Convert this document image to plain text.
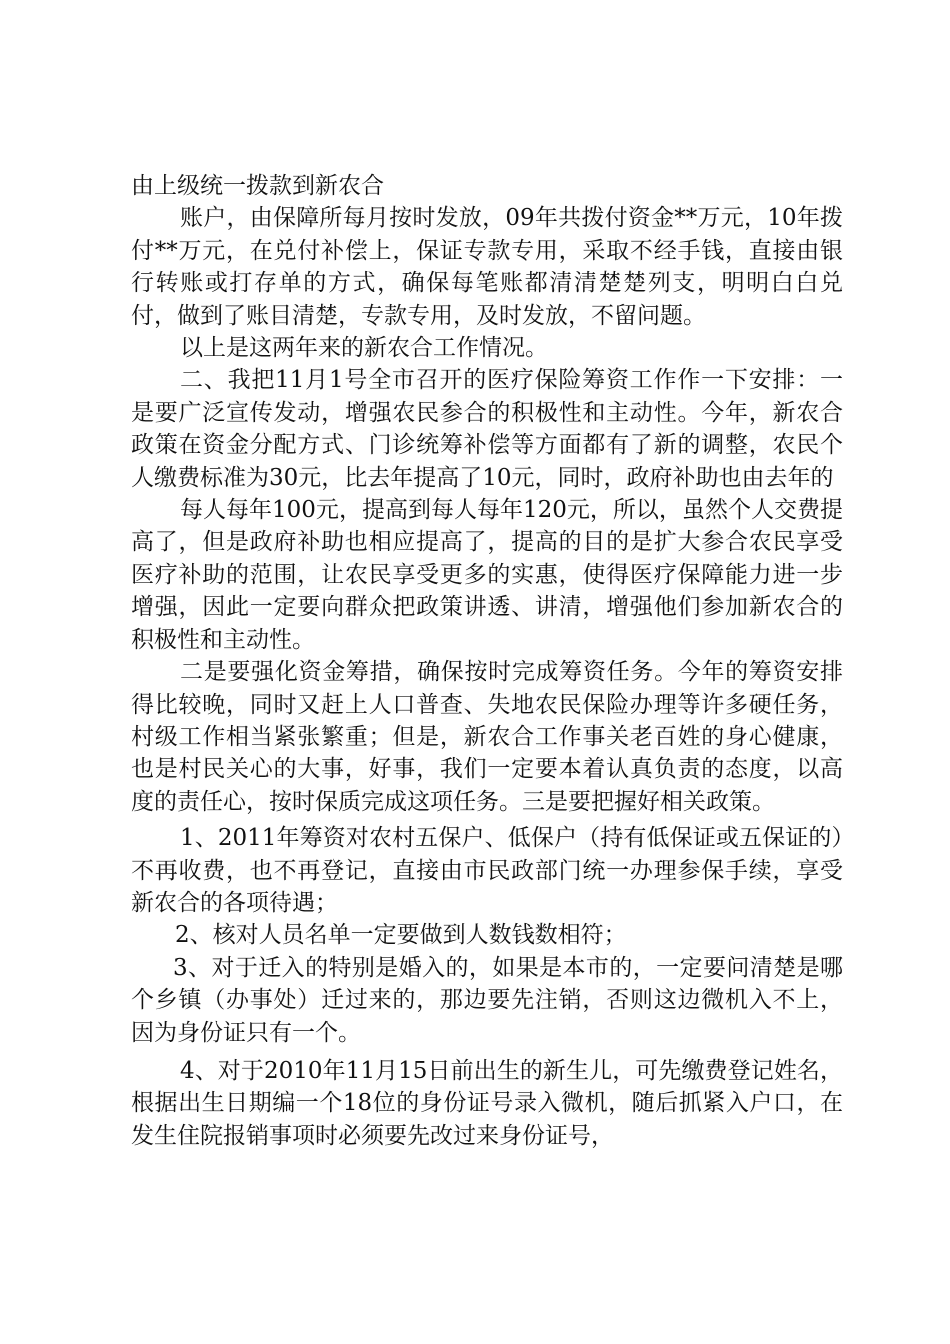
由上级统一拨款到新农合

账户，由保障所每月按时发放，09年共拨付资金**万元，10年拨付**万元，在兑付补偿上，保证专款专用，采取不经手钱，直接由银行转账或打存单的方式，确保每笔账都清清楚楚列支，明明白白兑付，做到了账目清楚，专款专用，及时发放，不留问题。

以上是这两年来的新农合工作情况。

二、我把11月1号全市召开的医疗保险筹资工作作一下安排：一是要广泛宣传发动，增强农民参合的积极性和主动性。今年，新农合政策在资金分配方式、门诊统筹补偿等方面都有了新的调整，农民个人缴费标准为30元，比去年提高了10元，同时，政府补助也由去年的

每人每年100元，提高到每人每年120元，所以，虽然个人交费提高了，但是政府补助也相应提高了，提高的目的是扩大参合农民享受医疗补助的范围，让农民享受更多的实惠，使得医疗保障能力进一步增强，因此一定要向群众把政策讲透、讲清，增强他们参加新农合的积极性和主动性。

二是要强化资金筹措，确保按时完成筹资任务。今年的筹资安排得比较晚，同时又赶上人口普查、失地农民保险办理等许多硬任务，村级工作相当紧张繁重；但是，新农合工作事关老百姓的身心健康，也是村民关心的大事，好事，我们一定要本着认真负责的态度，以高度的责任心，按时保质完成这项任务。三是要把握好相关政策。

1、2011年筹资对农村五保户、低保户（持有低保证或五保证的）不再收费，也不再登记，直接由市民政部门统一办理参保手续，享受新农合的各项待遇；

2、核对人员名单一定要做到人数钱数相符；

3、对于迁入的特别是婚入的，如果是本市的，一定要问清楚是哪个乡镇（办事处）迁过来的，那边要先注销，否则这边微机入不上，因为身份证只有一个。

4、对于2010年11月15日前出生的新生儿，可先缴费登记姓名，根据出生日期编一个18位的身份证号录入微机，随后抓紧入户口，在发生住院报销事项时必须要先改过来身份证号，
